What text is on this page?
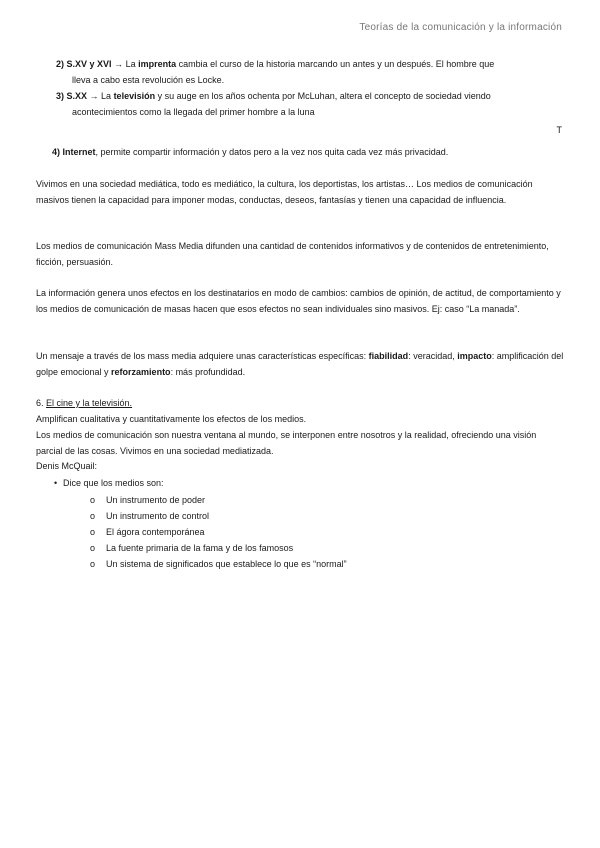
Teorías de la comunicación y la información
2) S.XV y XVI → La imprenta cambia el curso de la historia marcando un antes y un después. El hombre que
lleva a cabo esta revolución es Locke.
3) S.XX → La televisión y su auge en los años ochenta por McLuhan, altera el concepto de sociedad viendo
acontecimientos como la llegada del primer hombre a la luna
T
4) Internet, permite compartir información y datos pero a la vez nos quita cada vez más privacidad.
Vivimos en una sociedad mediática, todo es mediático, la cultura, los deportistas, los artistas… Los medios de comunicación masivos tienen la capacidad para imponer modas, conductas, deseos, fantasías y tienen una capacidad de influencia.
Los medios de comunicación Mass Media difunden una cantidad de contenidos informativos y de contenidos de entretenimiento, ficción, persuasión.
La información genera unos efectos en los destinatarios en modo de cambios: cambios de opinión, de actitud, de comportamiento y los medios de comunicación de masas hacen que esos efectos no sean individuales sino masivos. Ej: caso “La manada”.
Un mensaje a través de los mass media adquiere unas características específicas: fiabilidad: veracidad, impacto: amplificación del golpe emocional y reforzamiento: más profundidad.
6. El cine y la televisión.
Amplifican cualitativa y cuantitativamente los efectos de los medios.
Los medios de comunicación son nuestra ventana al mundo, se interponen entre nosotros y la realidad, ofreciendo una visión parcial de las cosas. Vivimos en una sociedad mediatizada.
Denis McQuail:
• Dice que los medios son:
o Un instrumento de poder
o Un instrumento de control
o El ágora contemporánea
o La fuente primaria de la fama y de los famosos
o Un sistema de significados que establece lo que es “normal”
